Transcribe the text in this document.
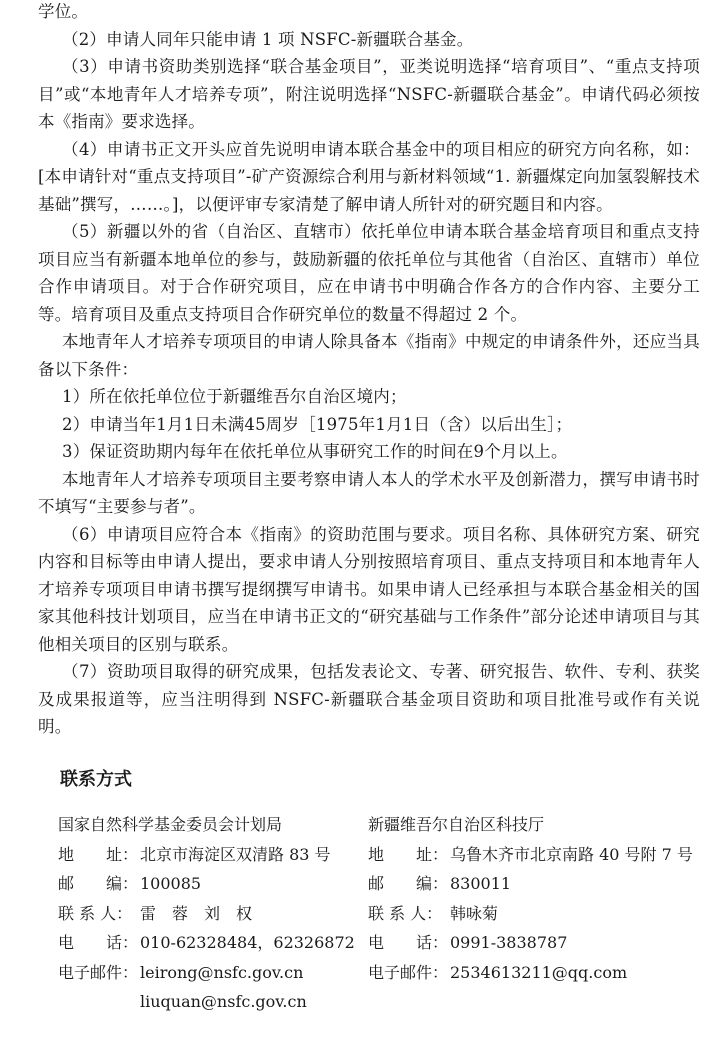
学位。

（2）申请人同年只能申请 1 项 NSFC-新疆联合基金。

（3）申请书资助类别选择“联合基金项目”，亚类说明选择“培育项目”、“重点支持项目”或“本地青年人才培养专项”，附注说明选择“NSFC-新疆联合基金”。申请代码必须按本《指南》要求选择。

（4）申请书正文开头应首先说明申请本联合基金中的项目相应的研究方向名称，如：[本申请针对“重点支持项目”-矿产资源综合利用与新材料领域“1. 新疆煤定向加氢裂解技术基础”撰写，……。]，以便评审专家清楚了解申请人所针对的研究题目和内容。

（5）新疆以外的省（自治区、直辖市）依托单位申请本联合基金培育项目和重点支持项目应当有新疆本地单位的参与，鼓励新疆的依托单位与其他省（自治区、直辖市）单位合作申请项目。对于合作研究项目，应在申请书中明确合作各方的合作内容、主要分工等。培育项目及重点支持项目合作研究单位的数量不得超过 2 个。

本地青年人才培养专项项目的申请人除具备本《指南》中规定的申请条件外，还应当具备以下条件：

1）所在依托单位位于新疆维吾尔自治区境内；

2）申请当年1月1日未满45周岁［1975年1月1日（含）以后出生］；

3）保证资助期内每年在依托单位从事研究工作的时间在9个月以上。

本地青年人才培养专项项目主要考察申请人本人的学术水平及创新潜力，撰写申请书时不填写“主要参与者”。

（6）申请项目应符合本《指南》的资助范围与要求。项目名称、具体研究方案、研究内容和目标等由申请人提出，要求申请人分别按照培育项目、重点支持项目和本地青年人才培养专项项目申请书撰写提纲撰写申请书。如果申请人已经承担与本联合基金相关的国家其他科技计划项目，应当在申请书正文的“研究基础与工作条件”部分论述申请项目与其他相关项目的区别与联系。

（7）资助项目取得的研究成果，包括发表论文、专著、研究报告、软件、专利、获奖及成果报道等，应当注明得到 NSFC-新疆联合基金项目资助和项目批准号或作有关说明。

联系方式
国家自然科学基金委员会计划局
地　　址： 北京市海淀区双清路 83 号
邮　　编： 100085
联 系 人： 雷　蓉　刘　权
电　　话： 010-62328484，62326872
电子邮件： leirong@nsfc.gov.cn
liuquan@nsfc.gov.cn
新疆维吾尔自治区科技厅
地　　址： 乌鲁木齐市北京南路 40 号附 7 号
邮　　编： 830011
联 系 人： 韩咏菊
电　　话： 0991-3838787
电子邮件： 2534613211@qq.com
